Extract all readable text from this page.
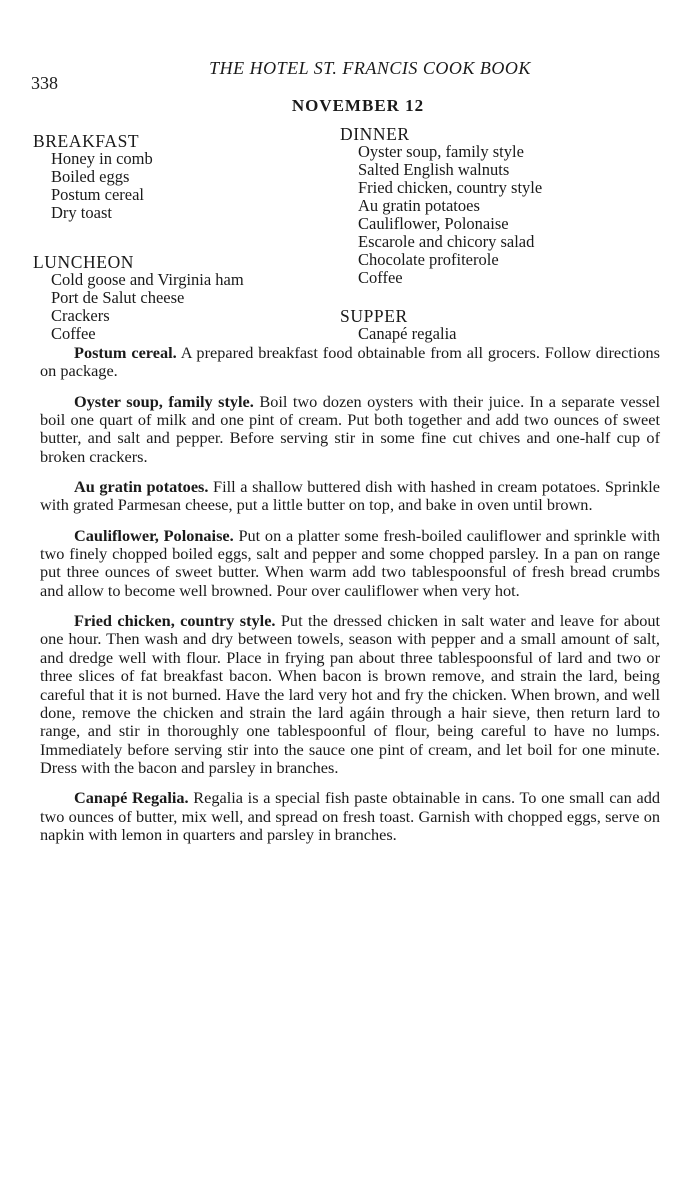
338
THE HOTEL ST. FRANCIS COOK BOOK
NOVEMBER 12
BREAKFAST
Honey in comb
Boiled eggs
Postum cereal
Dry toast
LUNCHEON
Cold goose and Virginia ham
Port de Salut cheese
Crackers
Coffee
DINNER
Oyster soup, family style
Salted English walnuts
Fried chicken, country style
Au gratin potatoes
Cauliflower, Polonaise
Escarole and chicory salad
Chocolate profiterole
Coffee
SUPPER
Canapé regalia

Postum cereal. A prepared breakfast food obtainable from all grocers. Follow directions on package.

Oyster soup, family style. Boil two dozen oysters with their juice. In a separate vessel boil one quart of milk and one pint of cream. Put both together and add two ounces of sweet butter, and salt and pepper. Before serving stir in some fine cut chives and one-half cup of broken crackers.

Au gratin potatoes. Fill a shallow buttered dish with hashed in cream potatoes. Sprinkle with grated Parmesan cheese, put a little butter on top, and bake in oven until brown.

Cauliflower, Polonaise. Put on a platter some fresh-boiled cauliflower and sprinkle with two finely chopped boiled eggs, salt and pepper and some chopped parsley. In a pan on range put three ounces of sweet butter. When warm add two tablespoonsful of fresh bread crumbs and allow to become well browned. Pour over cauliflower when very hot.

Fried chicken, country style. Put the dressed chicken in salt water and leave for about one hour. Then wash and dry between towels, season with pepper and a small amount of salt, and dredge well with flour. Place in frying pan about three tablespoonsful of lard and two or three slices of fat breakfast bacon. When bacon is brown remove, and strain the lard, being careful that it is not burned. Have the lard very hot and fry the chicken. When brown, and well done, remove the chicken and strain the lard agáin through a hair sieve, then return lard to range, and stir in thoroughly one tablespoonful of flour, being careful to have no lumps. Immediately before serving stir into the sauce one pint of cream, and let boil for one minute. Dress with the bacon and parsley in branches.

Canapé Regalia. Regalia is a special fish paste obtainable in cans. To one small can add two ounces of butter, mix well, and spread on fresh toast. Garnish with chopped eggs, serve on napkin with lemon in quarters and parsley in branches.
